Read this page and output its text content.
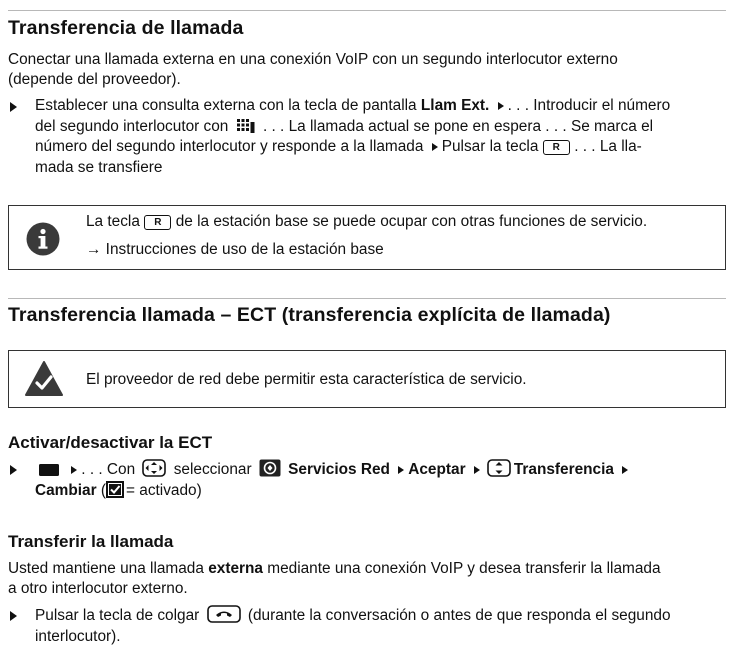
Transferencia de llamada
Conectar una llamada externa en una conexión VoIP con un segundo interlocutor externo
(depende del proveedor).
Establecer una consulta externa con la tecla de pantalla Llam Ext. . . . Introducir el número
del segundo interlocutor con . . . La llamada actual se pone en espera . . . Se marca el
número del segundo interlocutor y responde a la llamada Pulsar la tecla R . . . La lla-
mada se transfiere
La tecla R de la estación base se puede ocupar con otras funciones de servicio.
→ Instrucciones de uso de la estación base
Transferencia llamada – ECT (transferencia explícita de llamada)
El proveedor de red debe permitir esta característica de servicio.
Activar/desactivar la ECT
. . . Con	seleccionar Servicios Red Aceptar	Transferencia
Cambiar ( = activado)
Transferir la llamada
Usted mantiene una llamada externa mediante una conexión VoIP y desea transferir la llamada
a otro interlocutor externo.
Pulsar la tecla de colgar	(durante la conversación o antes de que responda el segundo
interlocutor).
